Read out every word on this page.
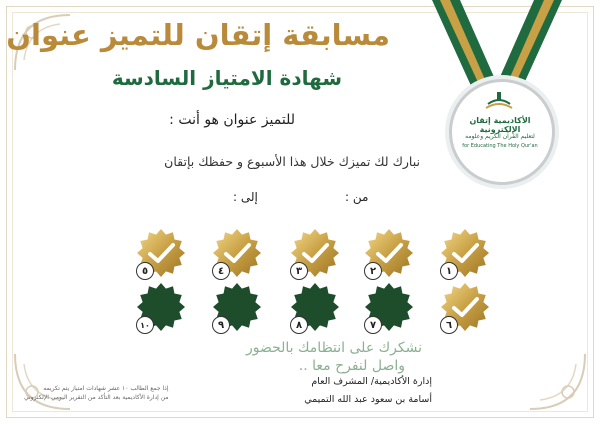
الأكاديمية إتقان الإلكترونية
لتعليم القرآن الكريم وعلومه
for Educating The Holy Qur'an
مسابقة إتقان للتميز عنوان
شهادة الامتياز السادسة
للتميز عنوان هو أنت :
نبارك لك تميزك خلال هذا الأسبوع و حفظك بإتقان
من :
إلى :
نشكرك على انتظامك بالحضور
واصل لنفرح معا ..
إدارة الأكاديمية/ المشرف العام
أسامة بن سعود عبد الله التميمي
إذا جمع الطالب ١٠ عشر شهادات امتياز يتم تكريمه
من إدارة الأكاديمية بعد التأكد من التقرير اليومي الإلكتروني
١
٢
٣
٤
٥
٦
٧
٨
٩
١٠
